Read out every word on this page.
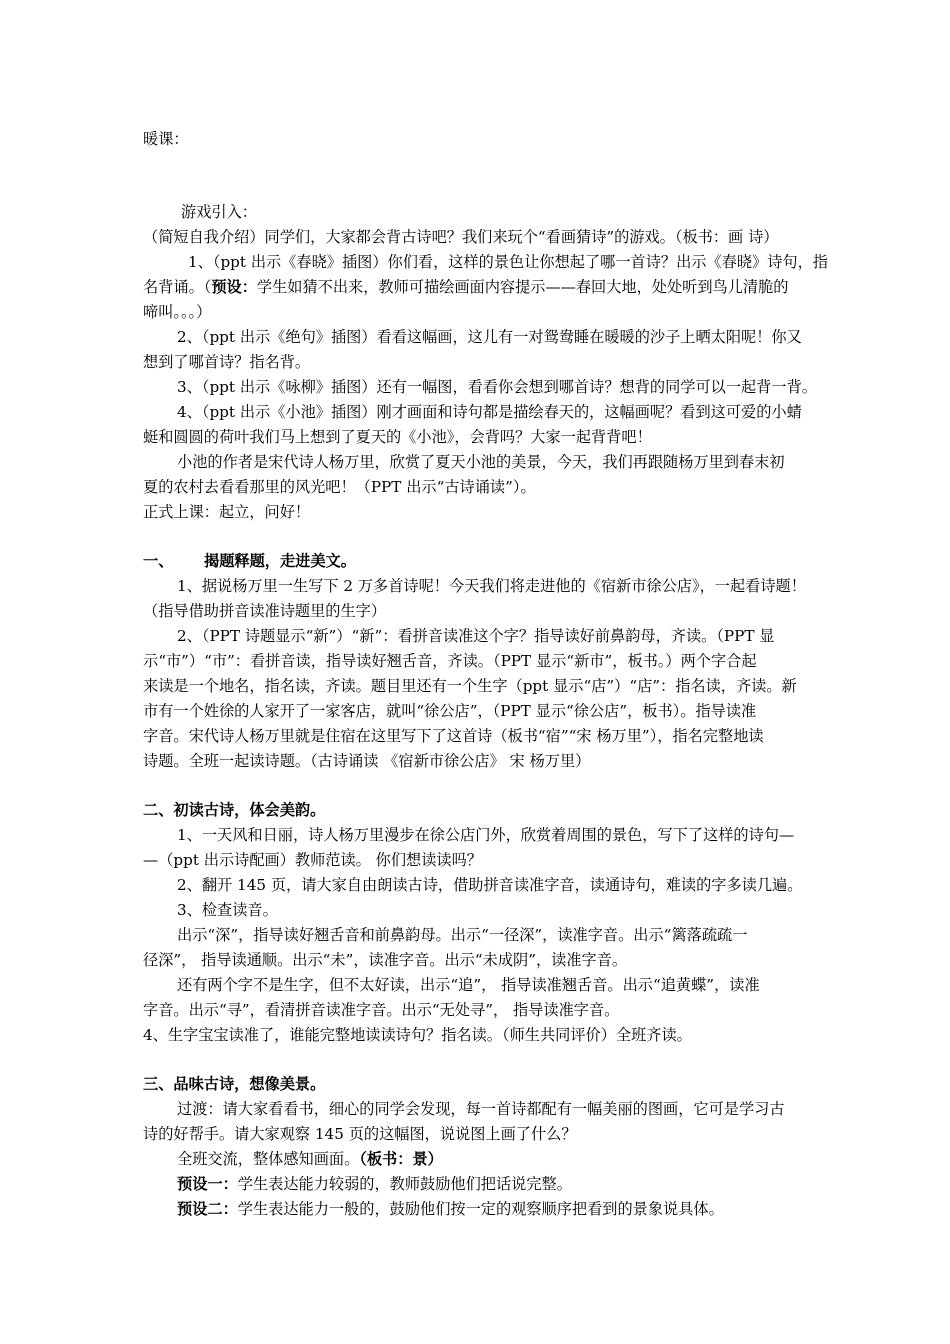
暖课：
游戏引入：
（简短自我介绍）同学们，大家都会背古诗吧？我们来玩个“看画猜诗”的游戏。（板书：画 诗）
1、（ppt 出示《春晓》插图）你们看，这样的景色让你想起了哪一首诗？出示《春晓》诗句，指
名背诵。（预设：学生如猜不出来，教师可描绘画面内容提示——春回大地，处处听到鸟儿清脆的
啼叫。。。）
2、（ppt 出示《绝句》插图）看看这幅画，这儿有一对鸳鸯睡在暖暖的沙子上晒太阳呢！你又
想到了哪首诗？指名背。
3、（ppt 出示《咏柳》插图）还有一幅图，看看你会想到哪首诗？想背的同学可以一起背一背。
4、（ppt 出示《小池》插图）刚才画面和诗句都是描绘春天的，这幅画呢？看到这可爱的小蜻
蜓和圆圆的荷叶我们马上想到了夏天的《小池》，会背吗？大家一起背背吧！
小池的作者是宋代诗人杨万里，欣赏了夏天小池的美景，今天，我们再跟随杨万里到春末初
夏的农村去看看那里的风光吧！（PPT 出示“古诗诵读”）。
正式上课：起立，问好！
一、 揭题释题，走进美文。
1、据说杨万里一生写下 2 万多首诗呢！今天我们将走进他的《宿新市徐公店》，一起看诗题！
（指导借助拼音读准诗题里的生字）
2、（PPT 诗题显示“新”）“新”：看拼音读准这个字？指导读好前鼻韵母，齐读。（PPT 显
示“市”）“市”：看拼音读，指导读好翘舌音，齐读。（PPT 显示“新市”，板书。）两个字合起
来读是一个地名，指名读，齐读。题目里还有一个生字（ppt 显示“店”）“店”：指名读，齐读。新
市有一个姓徐的人家开了一家客店，就叫“徐公店”，（PPT 显示“徐公店”，板书）。指导读准
字音。宋代诗人杨万里就是住宿在这里写下了这首诗（板书“宿”“宋 杨万里”），指名完整地读
诗题。全班一起读诗题。（古诗诵读 《宿新市徐公店》 宋 杨万里）
二、初读古诗，体会美韵。
1、一天风和日丽，诗人杨万里漫步在徐公店门外，欣赏着周围的景色，写下了这样的诗句—
—（ppt 出示诗配画）教师范读。 你们想读读吗？
2、翻开 145 页，请大家自由朗读古诗，借助拼音读准字音，读通诗句，难读的字多读几遍。
3、检查读音。
出示“深”，指导读好翘舌音和前鼻韵母。出示“一径深”，读准字音。出示“篱落疏疏一
径深”， 指导读通顺。出示“未”，读准字音。出示“未成阴”，读准字音。
还有两个字不是生字，但不太好读，出示“追”， 指导读准翘舌音。出示“追黄蝶”，读准
字音。出示“寻”，看清拼音读准字音。出示“无处寻”， 指导读准字音。
4、生字宝宝读准了，谁能完整地读读诗句？指名读。（师生共同评价）全班齐读。
三、品味古诗，想像美景。
过渡：请大家看看书，细心的同学会发现，每一首诗都配有一幅美丽的图画，它可是学习古
诗的好帮手。请大家观察 145 页的这幅图，说说图上画了什么？
全班交流，整体感知画面。（板书：景）
预设一：学生表达能力较弱的，教师鼓励他们把话说完整。
预设二：学生表达能力一般的，鼓励他们按一定的观察顺序把看到的景象说具体。
